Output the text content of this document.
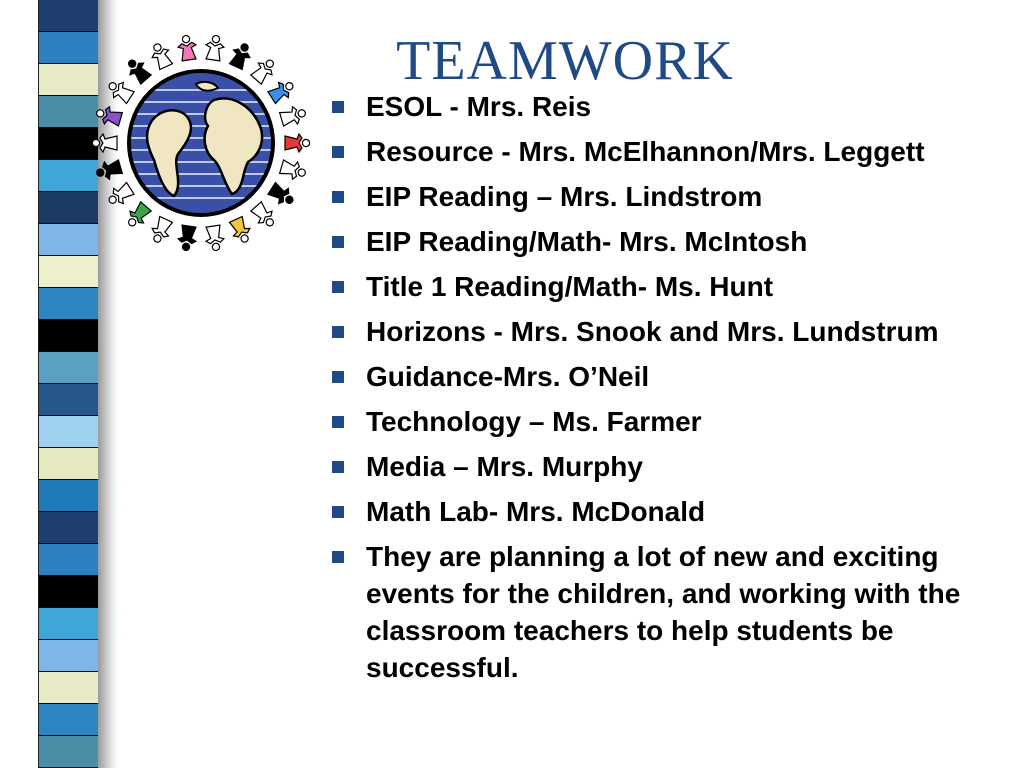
TEAMWORK
ESOL - Mrs. Reis
Resource - Mrs. McElhannon/Mrs. Leggett
EIP Reading – Mrs. Lindstrom
EIP Reading/Math- Mrs. McIntosh
Title 1 Reading/Math- Ms. Hunt
Horizons - Mrs. Snook and Mrs. Lundstrum
Guidance-Mrs. O’Neil
Technology – Ms. Farmer
Media – Mrs. Murphy
Math Lab- Mrs. McDonald
They are planning a lot of new and exciting events for the children, and working with the classroom teachers to help students be successful.
